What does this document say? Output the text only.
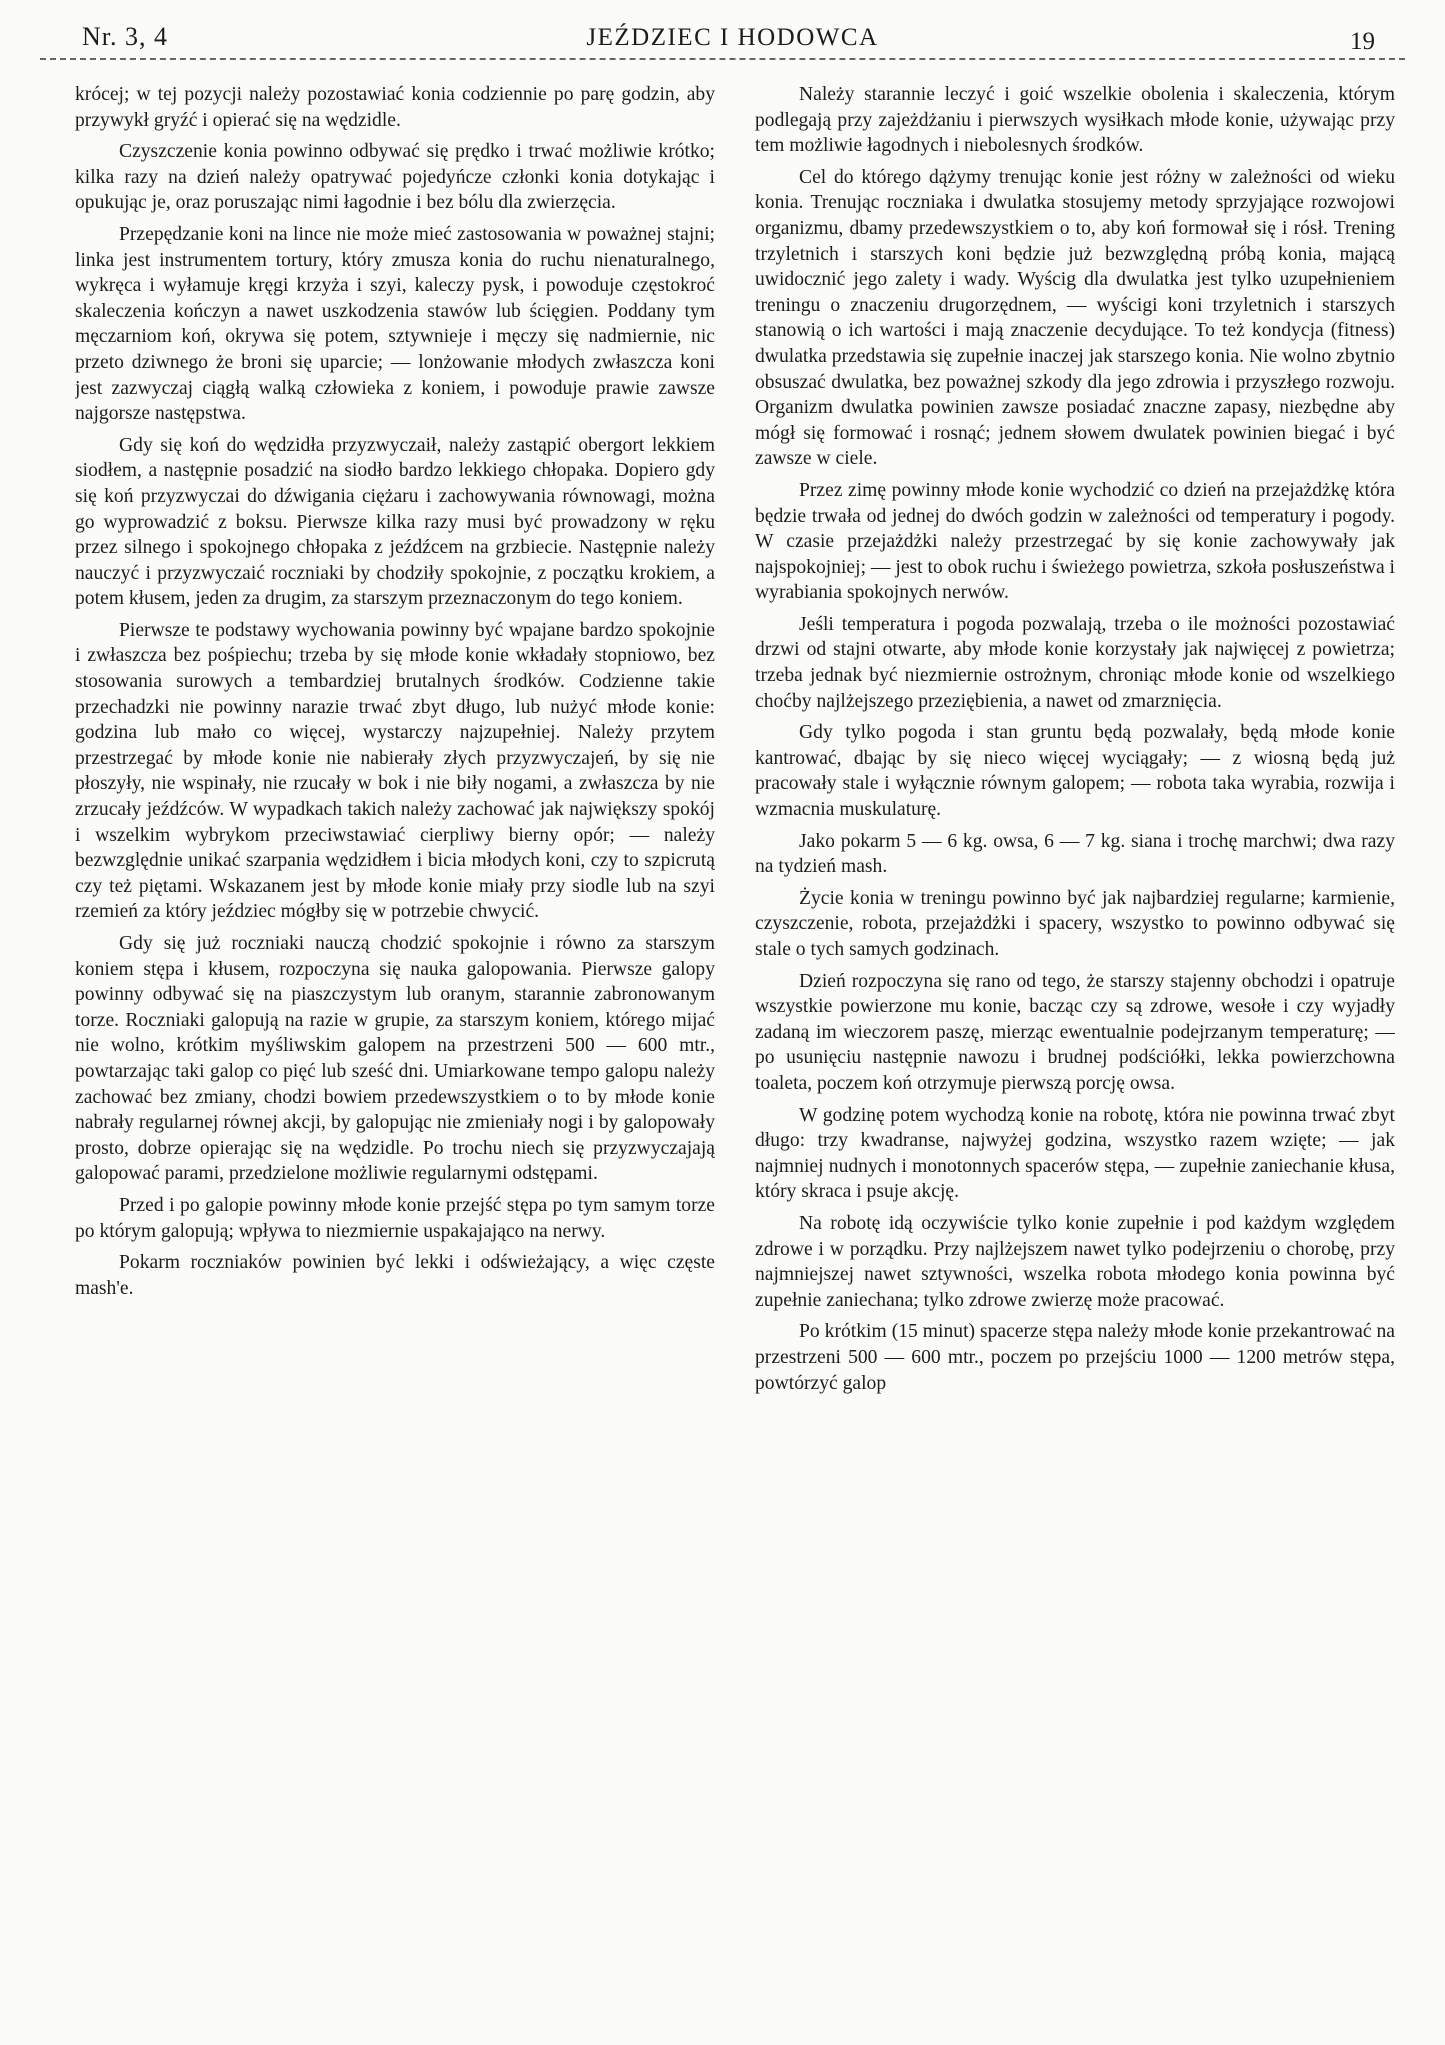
Nr. 3, 4	JEŹDZIEC I HODOWCA	19

krócej; w tej pozycji należy pozostawiać konia codziennie po parę godzin, aby przywykł gryźć i opierać się na wędzidle.

Czyszczenie konia powinno odbywać się prędko i trwać możliwie krótko; kilka razy na dzień należy opatrywać pojedyńcze członki konia dotykając i opukując je, oraz poruszając nimi łagodnie i bez bólu dla zwierzęcia.

Przepędzanie koni na lince nie może mieć zastosowania w poważnej stajni; linka jest instrumentem tortury, który zmusza konia do ruchu nienaturalnego, wykręca i wyłamuje kręgi krzyża i szyi, kaleczy pysk, i powoduje częstokroć skaleczenia kończyn a nawet uszkodzenia stawów lub ścięgien. Poddany tym męczarniom koń, okrywa się potem, sztywnieje i męczy się nadmiernie, nic przeto dziwnego że broni się uparcie; — lonżowanie młodych zwłaszcza koni jest zazwyczaj ciągłą walką człowieka z koniem, i powoduje prawie zawsze najgorsze następstwa.

Gdy się koń do wędzidła przyzwyczaił, należy zastąpić obergort lekkiem siodłem, a następnie posadzić na siodło bardzo lekkiego chłopaka. Dopiero gdy się koń przyzwyczai do dźwigania ciężaru i zachowywania równowagi, można go wyprowadzić z boksu. Pierwsze kilka razy musi być prowadzony w ręku przez silnego i spokojnego chłopaka z jeźdźcem na grzbiecie. Następnie należy nauczyć i przyzwyczaić roczniaki by chodziły spokojnie, z początku krokiem, a potem kłusem, jeden za drugim, za starszym przeznaczonym do tego koniem.

Pierwsze te podstawy wychowania powinny być wpajane bardzo spokojnie i zwłaszcza bez pośpiechu; trzeba by się młode konie wkładały stopniowo, bez stosowania surowych a tembardziej brutalnych środków. Codzienne takie przechadzki nie powinny narazie trwać zbyt długo, lub nużyć młode konie: godzina lub mało co więcej, wystarczy najzupełniej. Należy przytem przestrzegać by młode konie nie nabierały złych przyzwyczajeń, by się nie płoszyły, nie wspinały, nie rzucały w bok i nie biły nogami, a zwłaszcza by nie zrzucały jeźdźców. W wypadkach takich należy zachować jak największy spokój i wszelkim wybrykom przeciwstawiać cierpliwy bierny opór; — należy bezwzględnie unikać szarpania wędzidłem i bicia młodych koni, czy to szpicrutą czy też piętami. Wskazanem jest by młode konie miały przy siodle lub na szyi rzemień za który jeździec mógłby się w potrzebie chwycić.

Gdy się już roczniaki nauczą chodzić spokojnie i równo za starszym koniem stępa i kłusem, rozpoczyna się nauka galopowania. Pierwsze galopy powinny odbywać się na piaszczystym lub oranym, starannie zabronowanym torze. Roczniaki galopują na razie w grupie, za starszym koniem, którego mijać nie wolno, krótkim myśliwskim galopem na przestrzeni 500 — 600 mtr., powtarzając taki galop co pięć lub sześć dni. Umiarkowane tempo galopu należy zachować bez zmiany, chodzi bowiem przedewszystkiem o to by młode konie nabrały regularnej równej akcji, by galopując nie zmieniały nogi i by galopowały prosto, dobrze opierając się na wędzidle. Po trochu niech się przyzwyczajają galopować parami, przedzielone możliwie regularnymi odstępami.

Przed i po galopie powinny młode konie przejść stępa po tym samym torze po którym galopują; wpływa to niezmiernie uspakajająco na nerwy.

Pokarm roczniaków powinien być lekki i odświeżający, a więc częste mash'e.

Należy starannie leczyć i goić wszelkie obolenia i skaleczenia, którym podlegają przy zajeżdżaniu i pierwszych wysiłkach młode konie, używając przy tem możliwie łagodnych i niebolesnych środków.

Cel do którego dążymy trenując konie jest różny w zależności od wieku konia. Trenując roczniaka i dwulatka stosujemy metody sprzyjające rozwojowi organizmu, dbamy przedewszystkiem o to, aby koń formował się i rósł. Trening trzyletnich i starszych koni będzie już bezwzględną próbą konia, mającą uwidocznić jego zalety i wady. Wyścig dla dwulatka jest tylko uzupełnieniem treningu o znaczeniu drugorzędnem, — wyścigi koni trzyletnich i starszych stanowią o ich wartości i mają znaczenie decydujące. To też kondycja (fitness) dwulatka przedstawia się zupełnie inaczej jak starszego konia. Nie wolno zbytnio obsuszać dwulatka, bez poważnej szkody dla jego zdrowia i przyszłego rozwoju. Organizm dwulatka powinien zawsze posiadać znaczne zapasy, niezbędne aby mógł się formować i rosnąć; jednem słowem dwulatek powinien biegać i być zawsze w ciele.

Przez zimę powinny młode konie wychodzić co dzień na przejażdżkę która będzie trwała od jednej do dwóch godzin w zależności od temperatury i pogody. W czasie przejażdżki należy przestrzegać by się konie zachowywały jak najspokojniej; — jest to obok ruchu i świeżego powietrza, szkoła posłuszeństwa i wyrabiania spokojnych nerwów.

Jeśli temperatura i pogoda pozwalają, trzeba o ile możności pozostawiać drzwi od stajni otwarte, aby młode konie korzystały jak najwięcej z powietrza; trzeba jednak być niezmiernie ostrożnym, chroniąc młode konie od wszelkiego choćby najlżejszego przeziębienia, a nawet od zmarznięcia.

Gdy tylko pogoda i stan gruntu będą pozwalały, będą młode konie kantrować, dbając by się nieco więcej wyciągały; — z wiosną będą już pracowały stale i wyłącznie równym galopem; — robota taka wyrabia, rozwija i wzmacnia muskulaturę.

Jako pokarm 5 — 6 kg. owsa, 6 — 7 kg. siana i trochę marchwi; dwa razy na tydzień mash.

Życie konia w treningu powinno być jak najbardziej regularne; karmienie, czyszczenie, robota, przejażdżki i spacery, wszystko to powinno odbywać się stale o tych samych godzinach.

Dzień rozpoczyna się rano od tego, że starszy stajenny obchodzi i opatruje wszystkie powierzone mu konie, bacząc czy są zdrowe, wesołe i czy wyjadły zadaną im wieczorem paszę, mierząc ewentualnie podejrzanym temperaturę; — po usunięciu następnie nawozu i brudnej podściółki, lekka powierzchowna toaleta, poczem koń otrzymuje pierwszą porcję owsa.

W godzinę potem wychodzą konie na robotę, która nie powinna trwać zbyt długo: trzy kwadranse, najwyżej godzina, wszystko razem wzięte; — jak najmniej nudnych i monotonnych spacerów stępa, — zupełnie zaniechanie kłusa, który skraca i psuje akcję.

Na robotę idą oczywiście tylko konie zupełnie i pod każdym względem zdrowe i w porządku. Przy najlżejszem nawet tylko podejrzeniu o chorobę, przy najmniejszej nawet sztywności, wszelka robota młodego konia powinna być zupełnie zaniechana; tylko zdrowe zwierzę może pracować.

Po krótkim (15 minut) spacerze stępa należy młode konie przekantrować na przestrzeni 500 — 600 mtr., poczem po przejściu 1000 — 1200 metrów stępa, powtórzyć galop
